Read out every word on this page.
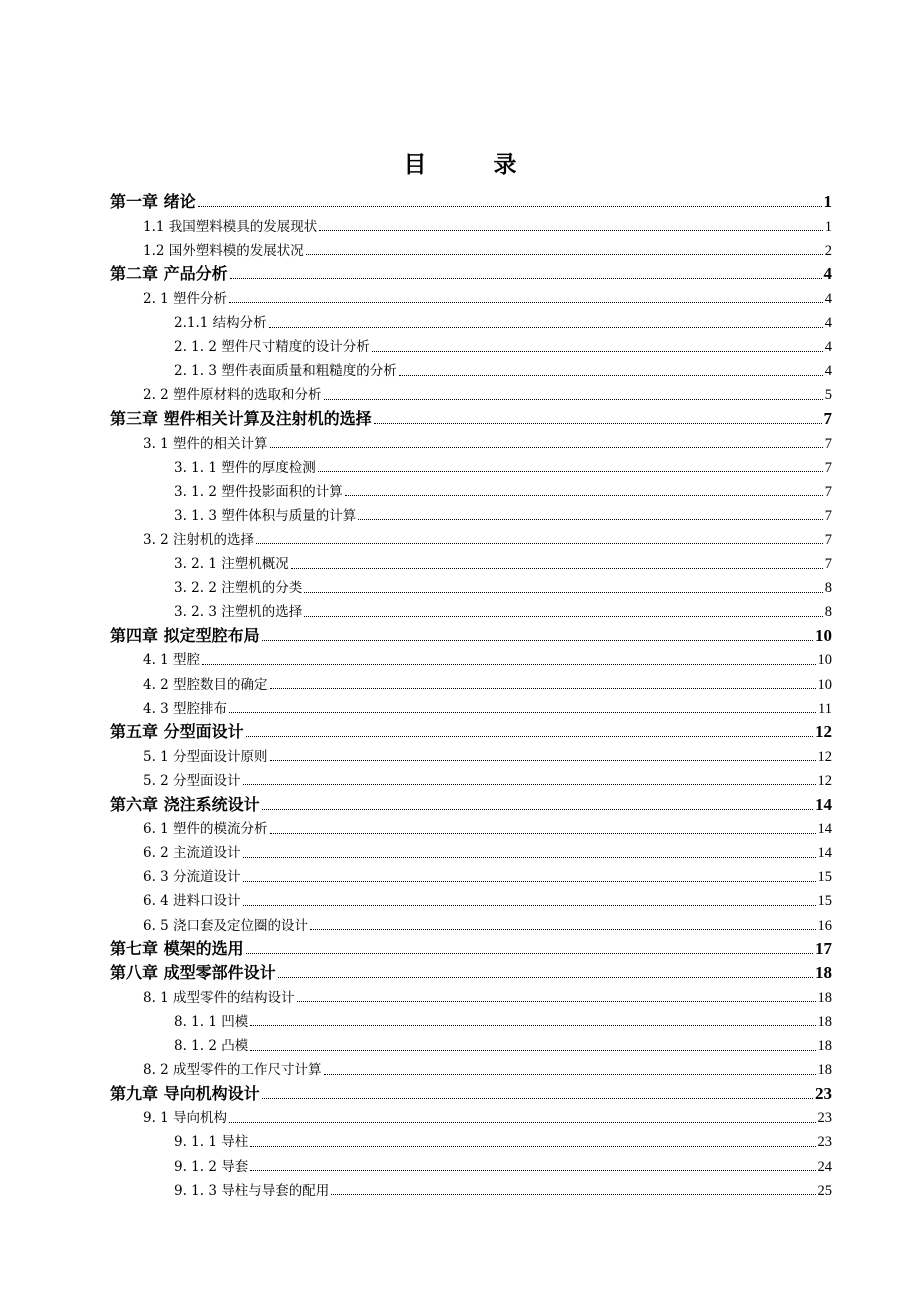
目　录
第一章 绪论	1
1.1 我国塑料模具的发展现状	1
1.2 国外塑料模的发展状况	2
第二章 产品分析	4
2. 1 塑件分析	4
2.1.1 结构分析	4
2. 1. 2 塑件尺寸精度的设计分析	4
2. 1. 3 塑件表面质量和粗糙度的分析	4
2. 2 塑件原材料的选取和分析	5
第三章 塑件相关计算及注射机的选择	7
3. 1 塑件的相关计算	7
3. 1. 1 塑件的厚度检测	7
3. 1. 2 塑件投影面积的计算	7
3. 1. 3 塑件体积与质量的计算	7
3. 2 注射机的选择	7
3. 2. 1 注塑机概况	7
3. 2. 2 注塑机的分类	8
3. 2. 3 注塑机的选择	8
第四章 拟定型腔布局	10
4. 1 型腔	10
4. 2 型腔数目的确定	10
4. 3 型腔排布	11
第五章 分型面设计	12
5. 1 分型面设计原则	12
5. 2 分型面设计	12
第六章 浇注系统设计	14
6. 1 塑件的模流分析	14
6. 2 主流道设计	14
6. 3 分流道设计	15
6. 4 进料口设计	15
6. 5 浇口套及定位圈的设计	16
第七章 模架的选用	17
第八章 成型零部件设计	18
8. 1 成型零件的结构设计	18
8. 1. 1 凹模	18
8. 1. 2 凸模	18
8. 2 成型零件的工作尺寸计算	18
第九章 导向机构设计	23
9. 1 导向机构	23
9. 1. 1 导柱	23
9. 1. 2 导套	24
9. 1. 3 导柱与导套的配用	25
